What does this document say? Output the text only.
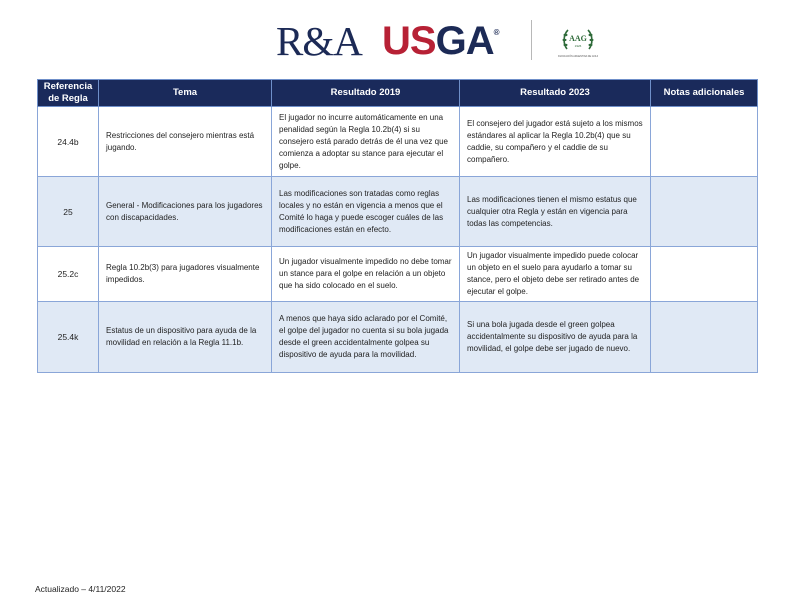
R&A USGA®
AAG
1926
ASOCIACIÓN ARGENTINA DE GOLF
Referencia de Regla	Tema	Resultado 2019	Resultado 2023	Notas adicionales
24.4b	Restricciones del consejero mientras está jugando.	El jugador no incurre automáticamente en una penalidad según la Regla 10.2b(4) si su consejero está parado detrás de él una vez que comienza a adoptar su stance para ejecutar el golpe.	El consejero del jugador está sujeto a los mismos estándares al aplicar la Regla 10.2b(4) que su caddie, su compañero y el caddie de su compañero.	
25	General - Modificaciones para los jugadores con discapacidades.	Las modificaciones son tratadas como reglas locales y no están en vigencia a menos que el Comité lo haga y puede escoger cuáles de las modificaciones están en efecto.	Las modificaciones tienen el mismo estatus que cualquier otra Regla y están en vigencia para todas las competencias.	
25.2c	Regla 10.2b(3) para jugadores visualmente impedidos.	Un jugador visualmente impedido no debe tomar un stance para el golpe en relación a un objeto que ha sido colocado en el suelo.	Un jugador visualmente impedido puede colocar un objeto en el suelo para ayudarlo a tomar su stance, pero el objeto debe ser retirado antes de ejecutar el golpe.	
25.4k	Estatus de un dispositivo para ayuda de la movilidad en relación a la Regla 11.1b.	A menos que haya sido aclarado por el Comité, el golpe del jugador no cuenta si su bola jugada desde el green accidentalmente golpea su dispositivo de ayuda para la movilidad.	Si una bola jugada desde el green golpea accidentalmente su dispositivo de ayuda para la movilidad, el golpe debe ser jugado de nuevo.	
Actualizado – 4/11/2022
